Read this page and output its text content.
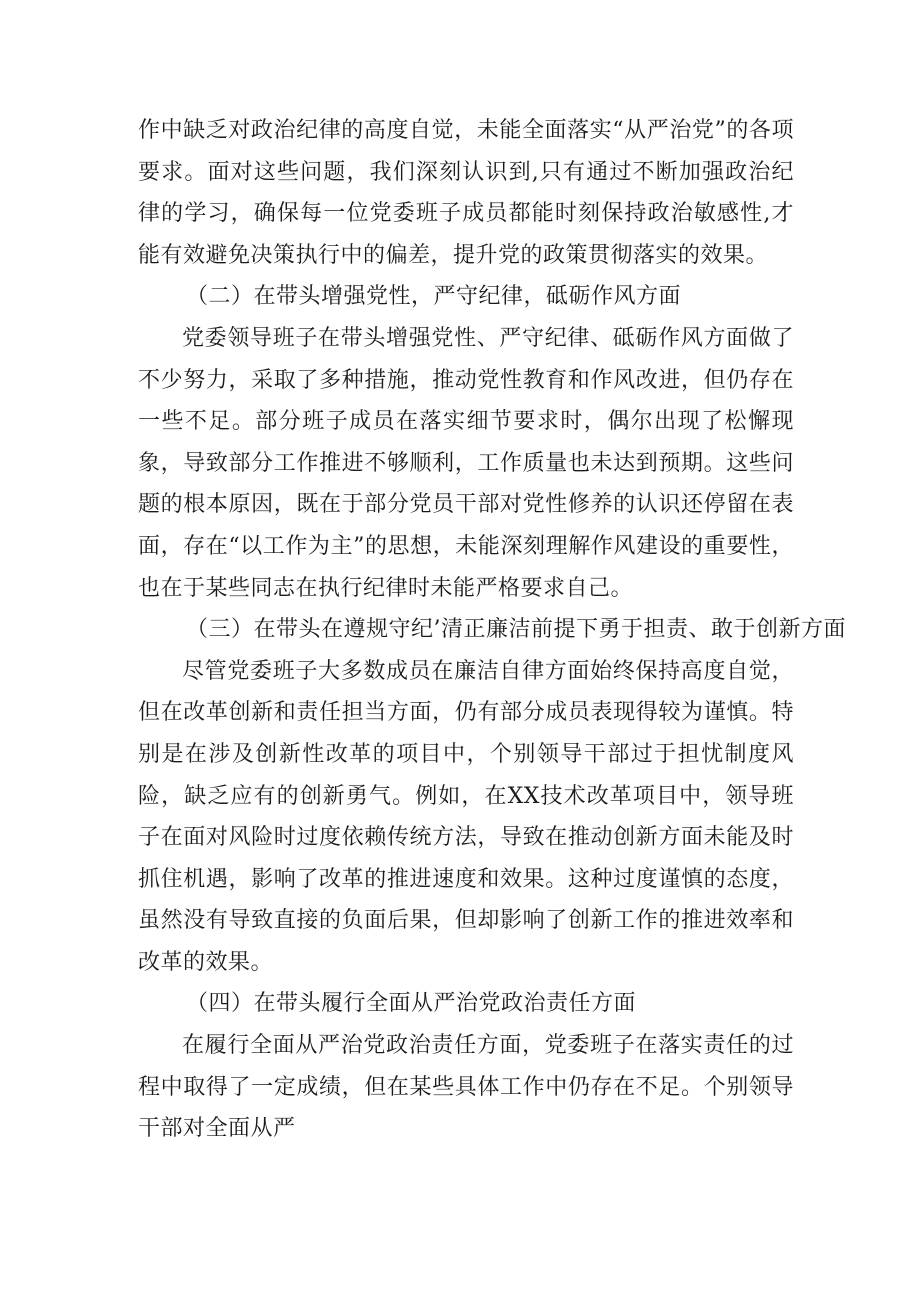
作中缺乏对政治纪律的高度自觉，未能全面落实“从严治党”的各项要求。面对这些问题，我们深刻认识到,只有通过不断加强政治纪律的学习，确保每一位党委班子成员都能时刻保持政治敏感性,才能有效避免决策执行中的偏差，提升党的政策贯彻落实的效果。

（二）在带头增强党性，严守纪律，砥砺作风方面

党委领导班子在带头增强党性、严守纪律、砥砺作风方面做了不少努力，采取了多种措施，推动党性教育和作风改进，但仍存在一些不足。部分班子成员在落实细节要求时，偶尔出现了松懈现象，导致部分工作推进不够顺利，工作质量也未达到预期。这些问题的根本原因，既在于部分党员干部对党性修养的认识还停留在表面，存在“以工作为主”的思想，未能深刻理解作风建设的重要性，也在于某些同志在执行纪律时未能严格要求自己。

（三）在带头在遵规守纪’清正廉洁前提下勇于担责、敢于创新方面

尽管党委班子大多数成员在廉洁自律方面始终保持高度自觉，但在改革创新和责任担当方面，仍有部分成员表现得较为谨慎。特别是在涉及创新性改革的项目中，个别领导干部过于担忧制度风险，缺乏应有的创新勇气。例如，在XX技术改革项目中，领导班子在面对风险时过度依赖传统方法，导致在推动创新方面未能及时抓住机遇，影响了改革的推进速度和效果。这种过度谨慎的态度，虽然没有导致直接的负面后果，但却影响了创新工作的推进效率和改革的效果。

（四）在带头履行全面从严治党政治责任方面

在履行全面从严治党政治责任方面，党委班子在落实责任的过程中取得了一定成绩，但在某些具体工作中仍存在不足。个别领导干部对全面从严
